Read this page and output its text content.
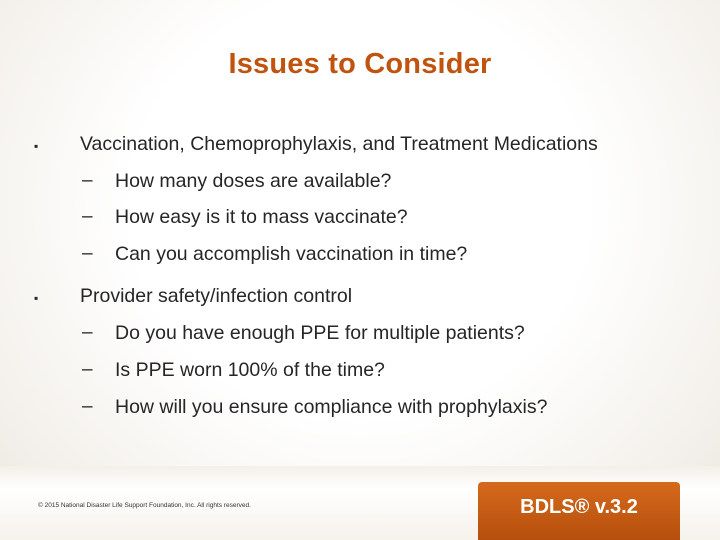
Issues to Consider
▪ Vaccination, Chemoprophylaxis, and Treatment Medications
– How many doses are available?
– How easy is it to mass vaccinate?
– Can you accomplish vaccination in time?
▪ Provider safety/infection control
– Do you have enough PPE for multiple patients?
– Is PPE worn 100% of the time?
– How will you ensure compliance with prophylaxis?
© 2015 National Disaster Life Support Foundation, Inc. All rights reserved.	BDLS® v.3.2
